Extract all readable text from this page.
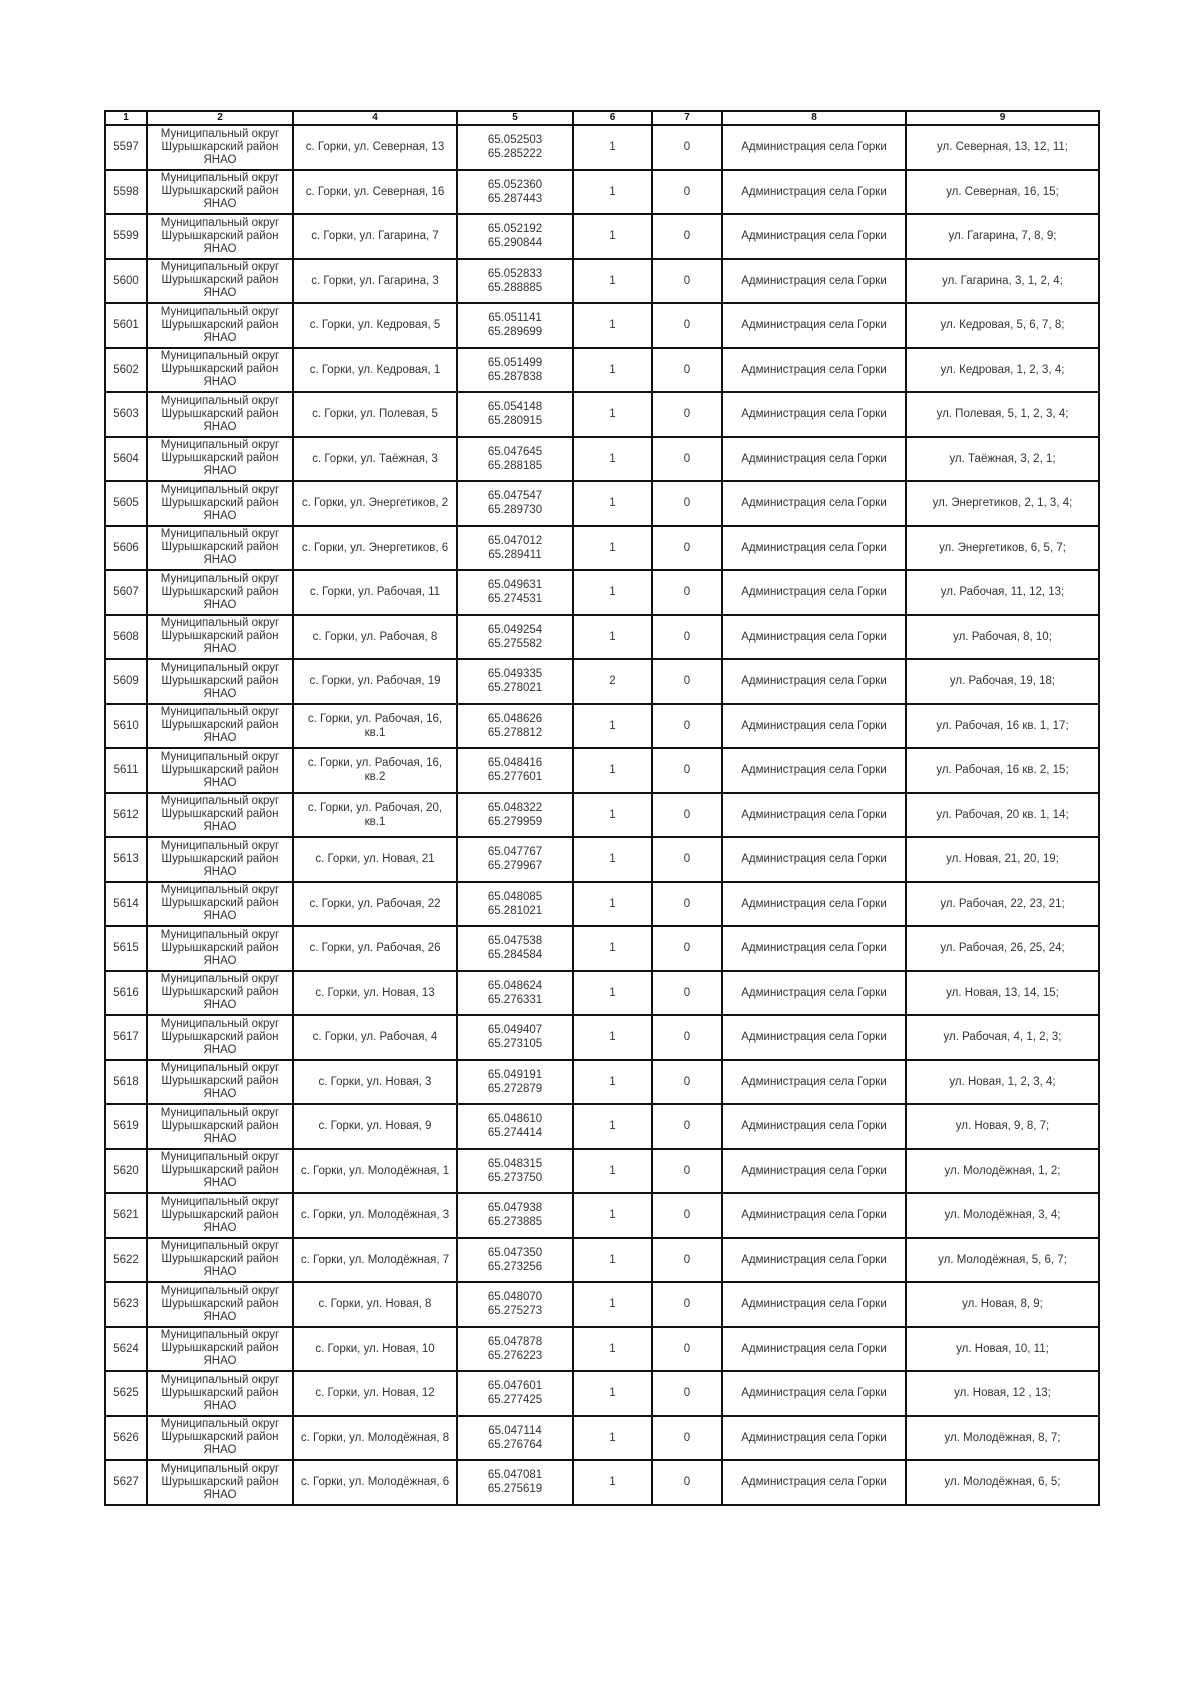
1	2	4	5	6	7	8	9
5597	Муниципальный округ
Шурышкарский район
ЯНАО	с. Горки, ул. Северная, 13	65.052503
65.285222	1	0	Администрация села Горки	ул. Северная, 13, 12, 11;
5598	Муниципальный округ
Шурышкарский район
ЯНАО	с. Горки, ул. Северная, 16	65.052360
65.287443	1	0	Администрация села Горки	ул. Северная, 16, 15;
5599	Муниципальный округ
Шурышкарский район
ЯНАО	с. Горки, ул. Гагарина, 7	65.052192
65.290844	1	0	Администрация села Горки	ул. Гагарина, 7, 8, 9;
5600	Муниципальный округ
Шурышкарский район
ЯНАО	с. Горки, ул. Гагарина, 3	65.052833
65.288885	1	0	Администрация села Горки	ул. Гагарина, 3, 1, 2, 4;
5601	Муниципальный округ
Шурышкарский район
ЯНАО	с. Горки, ул. Кедровая, 5	65.051141
65.289699	1	0	Администрация села Горки	ул. Кедровая, 5, 6, 7, 8;
5602	Муниципальный округ
Шурышкарский район
ЯНАО	с. Горки, ул. Кедровая, 1	65.051499
65.287838	1	0	Администрация села Горки	ул. Кедровая, 1, 2, 3, 4;
5603	Муниципальный округ
Шурышкарский район
ЯНАО	с. Горки, ул. Полевая, 5	65.054148
65.280915	1	0	Администрация села Горки	ул. Полевая, 5, 1, 2, 3, 4;
5604	Муниципальный округ
Шурышкарский район
ЯНАО	с. Горки, ул. Таёжная, 3	65.047645
65.288185	1	0	Администрация села Горки	ул. Таёжная, 3, 2, 1;
5605	Муниципальный округ
Шурышкарский район
ЯНАО	с. Горки, ул. Энергетиков, 2	65.047547
65.289730	1	0	Администрация села Горки	ул. Энергетиков, 2, 1, 3, 4;
5606	Муниципальный округ
Шурышкарский район
ЯНАО	с. Горки, ул. Энергетиков, 6	65.047012
65.289411	1	0	Администрация села Горки	ул. Энергетиков, 6, 5, 7;
5607	Муниципальный округ
Шурышкарский район
ЯНАО	с. Горки, ул. Рабочая, 11	65.049631
65.274531	1	0	Администрация села Горки	ул. Рабочая, 11, 12, 13;
5608	Муниципальный округ
Шурышкарский район
ЯНАО	с. Горки, ул. Рабочая, 8	65.049254
65.275582	1	0	Администрация села Горки	ул. Рабочая, 8, 10;
5609	Муниципальный округ
Шурышкарский район
ЯНАО	с. Горки, ул. Рабочая, 19	65.049335
65.278021	2	0	Администрация села Горки	ул. Рабочая, 19, 18;
5610	Муниципальный округ
Шурышкарский район
ЯНАО	с. Горки, ул. Рабочая, 16,
кв.1	65.048626
65.278812	1	0	Администрация села Горки	ул. Рабочая, 16 кв. 1, 17;
5611	Муниципальный округ
Шурышкарский район
ЯНАО	с. Горки, ул. Рабочая, 16,
кв.2	65.048416
65.277601	1	0	Администрация села Горки	ул. Рабочая, 16 кв. 2, 15;
5612	Муниципальный округ
Шурышкарский район
ЯНАО	с. Горки, ул. Рабочая, 20,
кв.1	65.048322
65.279959	1	0	Администрация села Горки	ул. Рабочая, 20 кв. 1, 14;
5613	Муниципальный округ
Шурышкарский район
ЯНАО	с. Горки, ул. Новая, 21	65.047767
65.279967	1	0	Администрация села Горки	ул. Новая, 21, 20, 19;
5614	Муниципальный округ
Шурышкарский район
ЯНАО	с. Горки, ул. Рабочая, 22	65.048085
65.281021	1	0	Администрация села Горки	ул. Рабочая, 22, 23, 21;
5615	Муниципальный округ
Шурышкарский район
ЯНАО	с. Горки, ул. Рабочая, 26	65.047538
65.284584	1	0	Администрация села Горки	ул. Рабочая, 26, 25, 24;
5616	Муниципальный округ
Шурышкарский район
ЯНАО	с. Горки, ул. Новая, 13	65.048624
65.276331	1	0	Администрация села Горки	ул. Новая, 13, 14, 15;
5617	Муниципальный округ
Шурышкарский район
ЯНАО	с. Горки, ул. Рабочая, 4	65.049407
65.273105	1	0	Администрация села Горки	ул. Рабочая, 4, 1, 2, 3;
5618	Муниципальный округ
Шурышкарский район
ЯНАО	с. Горки, ул. Новая, 3	65.049191
65.272879	1	0	Администрация села Горки	ул. Новая, 1, 2, 3, 4;
5619	Муниципальный округ
Шурышкарский район
ЯНАО	с. Горки, ул. Новая, 9	65.048610
65.274414	1	0	Администрация села Горки	ул. Новая, 9, 8, 7;
5620	Муниципальный округ
Шурышкарский район
ЯНАО	с. Горки, ул. Молодёжная, 1	65.048315
65.273750	1	0	Администрация села Горки	ул. Молодёжная, 1, 2;
5621	Муниципальный округ
Шурышкарский район
ЯНАО	с. Горки, ул. Молодёжная, 3	65.047938
65.273885	1	0	Администрация села Горки	ул. Молодёжная, 3, 4;
5622	Муниципальный округ
Шурышкарский район
ЯНАО	с. Горки, ул. Молодёжная, 7	65.047350
65.273256	1	0	Администрация села Горки	ул. Молодёжная, 5, 6, 7;
5623	Муниципальный округ
Шурышкарский район
ЯНАО	с. Горки, ул. Новая, 8	65.048070
65.275273	1	0	Администрация села Горки	ул. Новая, 8, 9;
5624	Муниципальный округ
Шурышкарский район
ЯНАО	с. Горки, ул. Новая, 10	65.047878
65.276223	1	0	Администрация села Горки	ул. Новая, 10, 11;
5625	Муниципальный округ
Шурышкарский район
ЯНАО	с. Горки, ул. Новая, 12	65.047601
65.277425	1	0	Администрация села Горки	ул. Новая, 12 , 13;
5626	Муниципальный округ
Шурышкарский район
ЯНАО	с. Горки, ул. Молодёжная, 8	65.047114
65.276764	1	0	Администрация села Горки	ул. Молодёжная, 8, 7;
5627	Муниципальный округ
Шурышкарский район
ЯНАО	с. Горки, ул. Молодёжная, 6	65.047081
65.275619	1	0	Администрация села Горки	ул. Молодёжная, 6, 5;
